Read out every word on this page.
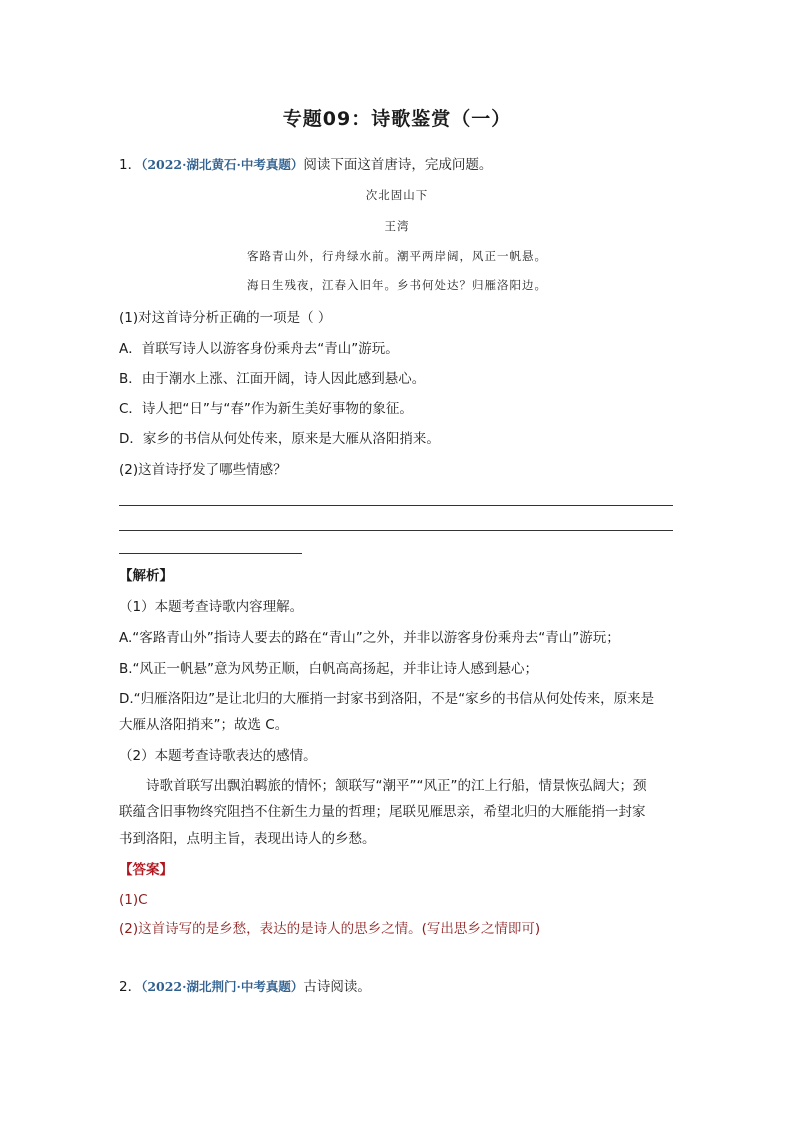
专题09：诗歌鉴赏（一）
1．（2022·湖北黄石·中考真题）阅读下面这首唐诗，完成问题。
次北固山下
王湾
客路青山外，行舟绿水前。潮平两岸阔，风正一帆悬。
海日生残夜，江春入旧年。乡书何处达？归雁洛阳边。
(1)对这首诗分析正确的一项是（ ）
A．首联写诗人以游客身份乘舟去“青山”游玩。
B．由于潮水上涨、江面开阔，诗人因此感到悬心。
C．诗人把“日”与“春”作为新生美好事物的象征。
D．家乡的书信从何处传来，原来是大雁从洛阳捎来。
(2)这首诗抒发了哪些情感？
【解析】
（1）本题考查诗歌内容理解。
A.“客路青山外”指诗人要去的路在“青山”之外，并非以游客身份乘舟去“青山”游玩；
B.“风正一帆悬”意为风势正顺，白帆高高扬起，并非让诗人感到悬心；
D.“归雁洛阳边”是让北归的大雁捎一封家书到洛阳，不是“家乡的书信从何处传来，原来是
大雁从洛阳捎来”；故选 C。
（2）本题考查诗歌表达的感情。
诗歌首联写出飘泊羁旅的情怀；颔联写“潮平”“风正”的江上行船，情景恢弘阔大；颈
联蕴含旧事物终究阻挡不住新生力量的哲理；尾联见雁思亲，希望北归的大雁能捎一封家
书到洛阳，点明主旨，表现出诗人的乡愁。
【答案】
(1)C
(2)这首诗写的是乡愁，表达的是诗人的思乡之情。(写出思乡之情即可)
2．（2022·湖北荆门·中考真题）古诗阅读。
